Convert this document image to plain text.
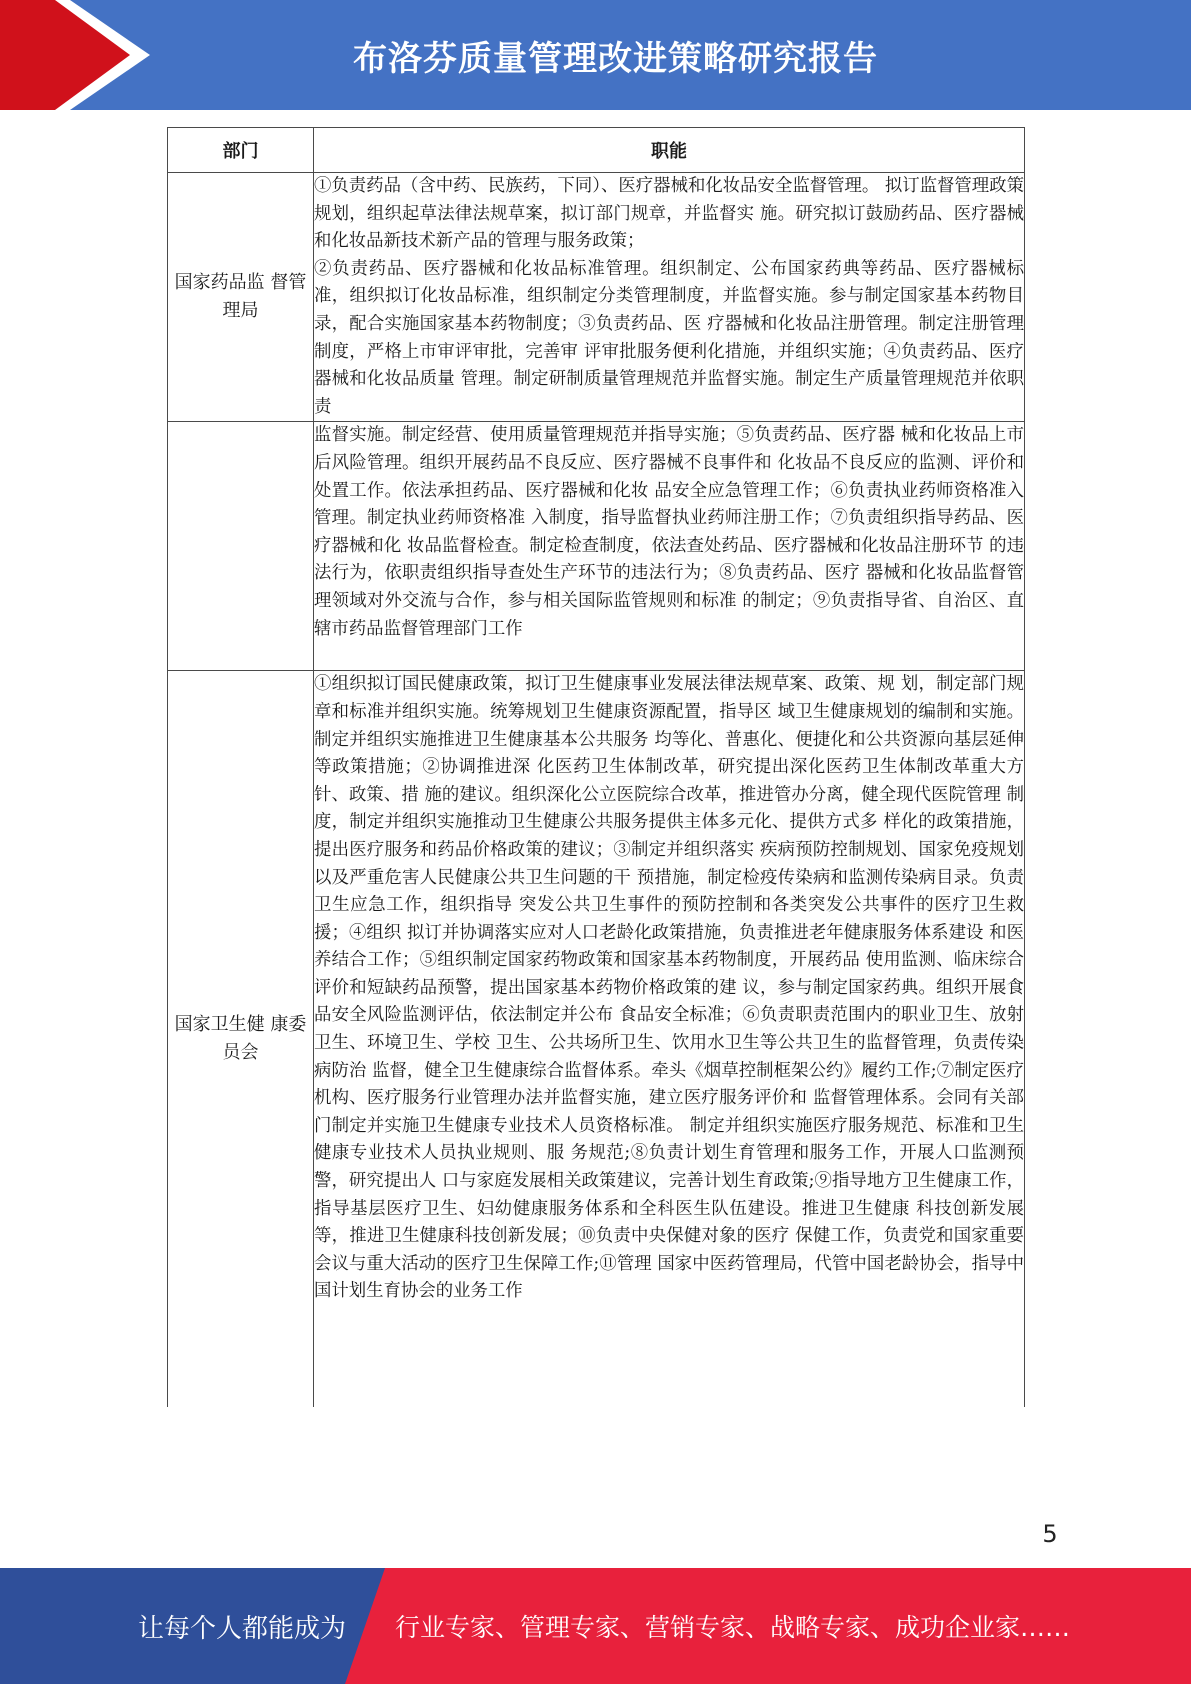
布洛芬质量管理改进策略研究报告
部门	职能
国家药品监 督管理局	①负责药品（含中药、民族药，下同）、医疗器械和化妆品安全监督管理。 拟订监督管理政策规划，组织起草法律法规草案，拟订部门规章，并监督实 施。研究拟订鼓励药品、医疗器械和化妆品新技术新产品的管理与服务政策；

②负责药品、医疗器械和化妆品标准管理。组织制定、公布国家药典等药品、医疗器械标准，组织拟订化妆品标准，组织制定分类管理制度，并监督实施。参与制定国家基本药物目录，配合实施国家基本药物制度；③负责药品、医 疗器械和化妆品注册管理。制定注册管理制度，严格上市审评审批，完善审 评审批服务便利化措施，并组织实施；④负责药品、医疗器械和化妆品质量 管理。制定研制质量管理规范并监督实施。制定生产质量管理规范并依职责

	监督实施。制定经营、使用质量管理规范并指导实施；⑤负责药品、医疗器 械和化妆品上市后风险管理。组织开展药品不良反应、医疗器械不良事件和 化妆品不良反应的监测、评价和处置工作。依法承担药品、医疗器械和化妆 品安全应急管理工作；⑥负责执业药师资格准入管理。制定执业药师资格准 入制度，指导监督执业药师注册工作；⑦负责组织指导药品、医疗器械和化 妆品监督检查。制定检查制度，依法查处药品、医疗器械和化妆品注册环节 的违法行为，依职责组织指导查处生产环节的违法行为；⑧负责药品、医疗 器械和化妆品监督管理领域对外交流与合作，参与相关国际监管规则和标准 的制定；⑨负责指导省、自治区、直辖市药品监督管理部门工作

国家卫生健 康委员会	①组织拟订国民健康政策，拟订卫生健康事业发展法律法规草案、政策、规 划，制定部门规章和标准并组织实施。统筹规划卫生健康资源配置，指导区 域卫生健康规划的编制和实施。制定并组织实施推进卫生健康基本公共服务 均等化、普惠化、便捷化和公共资源向基层延伸等政策措施；②协调推进深 化医药卫生体制改革，研究提出深化医药卫生体制改革重大方针、政策、措 施的建议。组织深化公立医院综合改革，推进管办分离，健全现代医院管理 制度，制定并组织实施推动卫生健康公共服务提供主体多元化、提供方式多 样化的政策措施，提出医疗服务和药品价格政策的建议；③制定并组织落实 疾病预防控制规划、国家免疫规划以及严重危害人民健康公共卫生问题的干 预措施，制定检疫传染病和监测传染病目录。负责卫生应急工作，组织指导 突发公共卫生事件的预防控制和各类突发公共事件的医疗卫生救援；④组织 拟订并协调落实应对人口老龄化政策措施，负责推进老年健康服务体系建设 和医养结合工作；⑤组织制定国家药物政策和国家基本药物制度，开展药品 使用监测、临床综合评价和短缺药品预警，提出国家基本药物价格政策的建 议，参与制定国家药典。组织开展食品安全风险监测评估，依法制定并公布 食品安全标准；⑥负责职责范围内的职业卫生、放射卫生、环境卫生、学校 卫生、公共场所卫生、饮用水卫生等公共卫生的监督管理，负责传染病防治 监督，健全卫生健康综合监督体系。牵头《烟草控制框架公约》履约工作;⑦制定医疗机构、医疗服务行业管理办法并监督实施，建立医疗服务评价和 监督管理体系。会同有关部门制定并实施卫生健康专业技术人员资格标准。 制定并组织实施医疗服务规范、标准和卫生健康专业技术人员执业规则、服 务规范;⑧负责计划生育管理和服务工作，开展人口监测预警，研究提出人 口与家庭发展相关政策建议，完善计划生育政策;⑨指导地方卫生健康工作， 指导基层医疗卫生、妇幼健康服务体系和全科医生队伍建设。推进卫生健康 科技创新发展等，推进卫生健康科技创新发展；⑩负责中央保健对象的医疗 保健工作，负责党和国家重要会议与重大活动的医疗卫生保障工作;⑪管理 国家中医药管理局，代管中国老龄协会，指导中国计划生育协会的业务工作

5
让每个人都能成为	行业专家、管理专家、营销专家、战略专家、成功企业家……
